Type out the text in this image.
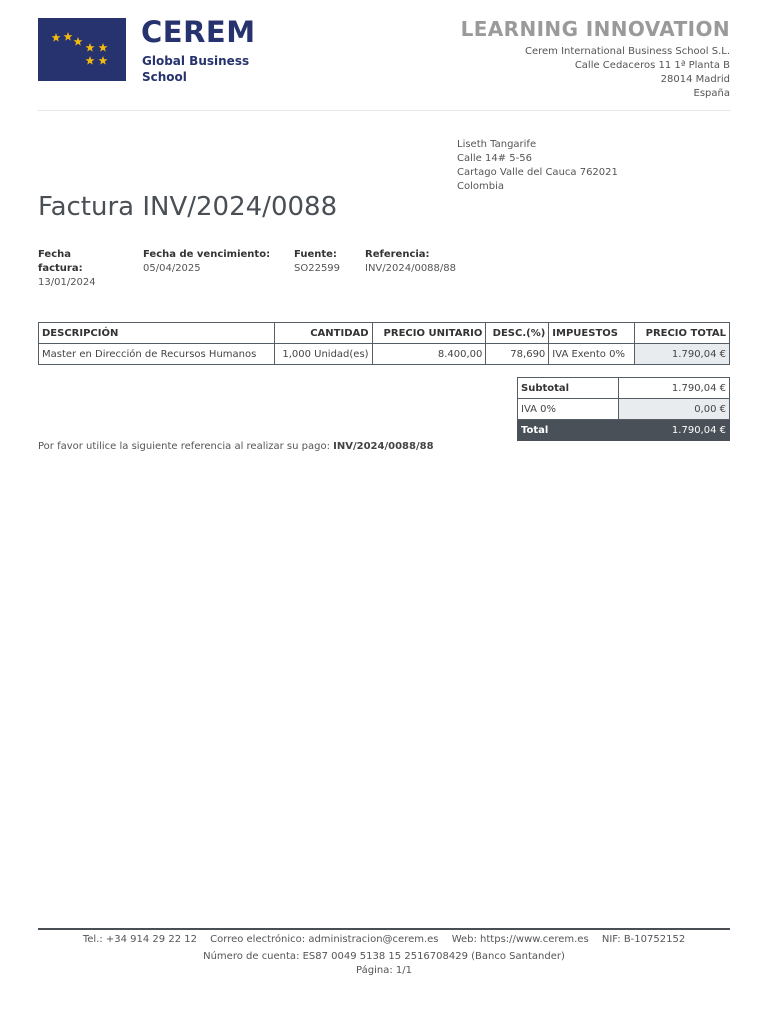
CEREM
Global Business
School
LEARNING INNOVATION
Cerem International Business School S.L.
Calle Cedaceros 11 1ª Planta B
28014 Madrid
España
Liseth Tangarife
Calle 14# 5-56
Cartago Valle del Cauca 762021
Colombia
Factura INV/2024/0088
Fecha factura:
13/01/2024
Fecha de vencimiento:
05/04/2025
Fuente:
SO22599
Referencia:
INV/2024/0088/88
DESCRIPCIÓN	CANTIDAD	PRECIO UNITARIO	DESC.(%)	IMPUESTOS	PRECIO TOTAL
Master en Dirección de Recursos Humanos	1,000 Unidad(es)	8.400,00	78,690	IVA Exento 0%	1.790,04 €
Subtotal	1.790,04 €
IVA 0%	0,00 €
Total	1.790,04 €
Por favor utilice la siguiente referencia al realizar su pago: INV/2024/0088/88
Tel.: +34 914 29 22 12 Correo electrónico: administracion@cerem.es Web: https://www.cerem.es NIF: B-10752152
Número de cuenta: ES87 0049 5138 15 2516708429 (Banco Santander)
Página: 1/1
